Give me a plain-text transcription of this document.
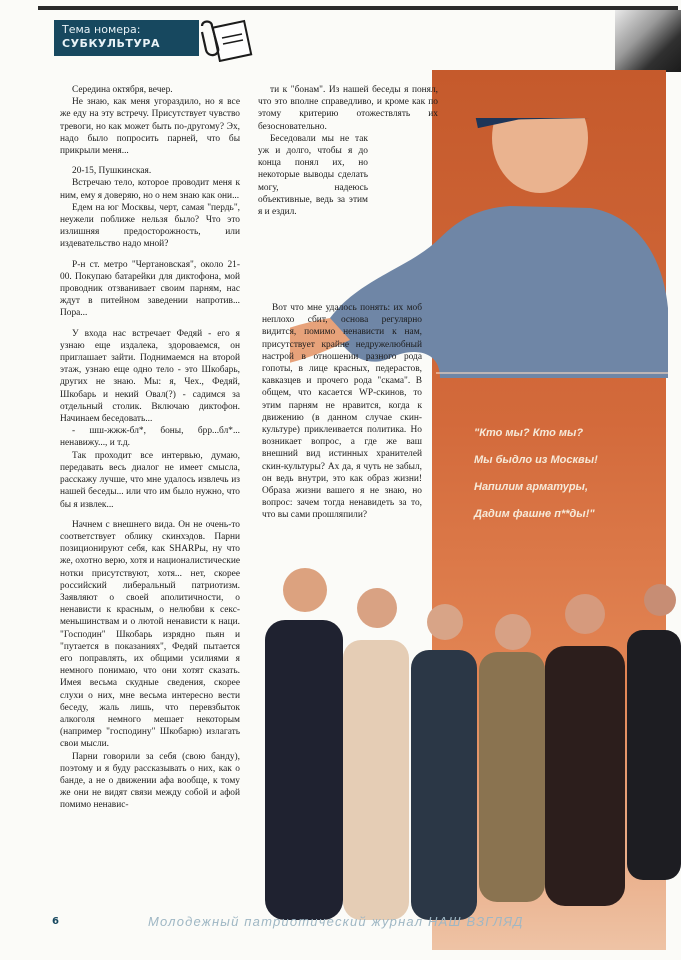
Тема номера:
СУБКУЛЬТУРА

Середина октября, вечер.

Не знаю, как меня угораздило, но я все же еду на эту встречу. Присутствует чувство тревоги, но как может быть по-другому? Эх, надо было попросить парней, что бы прикрыли меня...

20-15, Пушкинская.

Встречаю тело, которое проводит меня к ним, ему я доверяю, но о нем знаю как они...

Едем на юг Москвы, черт, самая "пердь", неужели поближе нельзя было? Что это излишняя предосторожность, или издевательство надо мной?

Р-н ст. метро "Чертановская", около 21-00. Покупаю батарейки для диктофона, мой проводник отзванивает своим парням, нас ждут в питейном заведении напротив... Пора...

У входа нас встречает Федяй - его я узнаю еще издалека, здороваемся, он приглашает зайти. Поднимаемся на второй этаж, узнаю еще одно тело - это Шкобарь, других не знаю. Мы: я, Чех., Федяй, Шкобарь и некий Овал(?) - садимся за отдельный столик. Включаю диктофон. Начинаем беседовать...

- шш-жжж-бл*, боны, брр...бл*... ненавижу..., и т.д.

Так проходит все интервью, думаю, передавать весь диалог не имеет смысла, расскажу лучше, что мне удалось извлечь из нашей беседы... или что им было нужно, что бы я извлек...

Начнем с внешнего вида. Он не очень-то соответствует облику скинхэдов. Парни позиционируют себя, как SHARPы, ну что же, охотно верю, хотя и националистические нотки присутствуют, хотя... нет, скорее российский либеральный патриотизм. Заявляют о своей аполитичности, о ненависти к красным, о нелюбви к секс-меньшинствам и о лютой ненависти к наци. "Господин" Шкобарь изрядно пьян и "путается в показаниях", Федяй пытается его поправлять, их общими усилиями я немного понимаю, что они хотят сказать. Имея весьма скудные сведения, скорее слухи о них, мне весьма интересно вести беседу, жаль лишь, что перевзбыток алкоголя немного мешает некоторым (например "господину" Шкобарю) излагать свои мысли.

Парни говорили за себя (свою банду), поэтому и я буду рассказывать о них, как о банде, а не о движении афа вообще, к тому же они не видят связи между собой и афой помимо ненавис-

ти к "бонам". Из нашей беседы я понял, что это вполне справедливо, и кроме как по этому критерию отожествлять их безосновательно.

Беседовали мы не так уж и долго, чтобы я до конца понял их, но некоторые выводы сделать могу, надеюсь объективные, ведь за этим я и ездил.

Вот что мне удалось понять: их моб неплохо сбит, основа регулярно видится, помимо ненависти к нам, присутствует крайне недружелюбный настрой в отношении разного рода гопоты, в лице красных, педерастов, кавказцев и прочего рода "скама". В общем, что касается WP-скинов, то этим парням не нравится, когда к движению (в данном случае скин-культуре) приклеивается политика. Но возникает вопрос, а где же ваш внешний вид истинных хранителей скин-культуры? Ах да, я чуть не забыл, он ведь внутри, это как образ жизни! Образа жизни вашего я не знаю, но вопрос: зачем тогда ненавидеть за то, что вы сами прошляпили?

"Кто мы? Кто мы?
Мы быдло из Москвы!
Напилим арматуры,
Дадим фашне п**ды!"
6	Молодежный патриотический журнал НАШ ВЗГЛЯД
